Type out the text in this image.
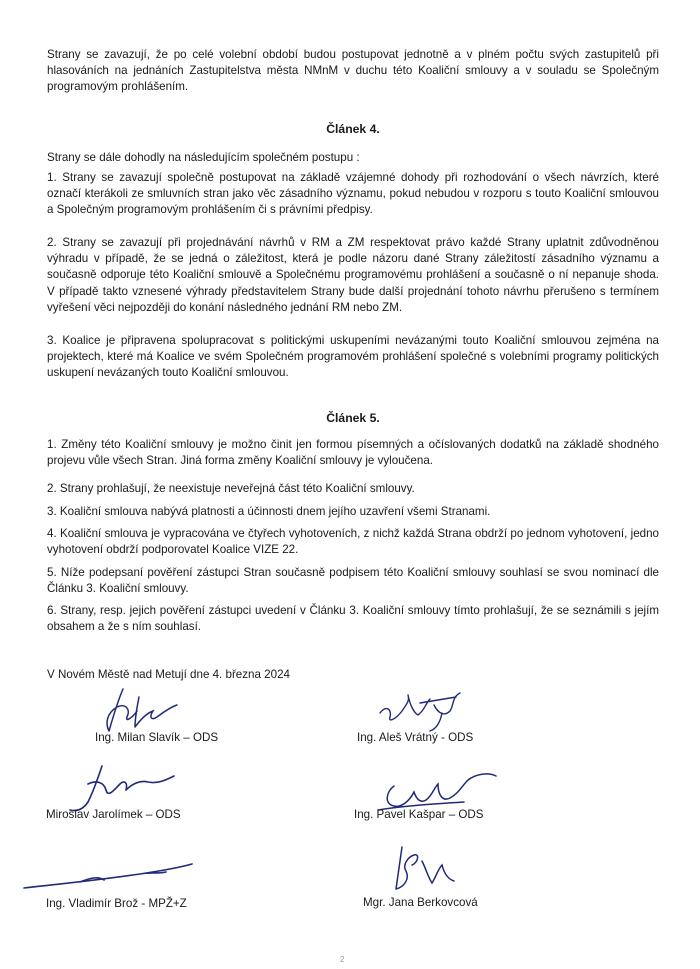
Strany se zavazují, že po celé volební období budou postupovat jednotně a v plném počtu svých zastupitelů při hlasováních na jednáních Zastupitelstva města NMnM v duchu této Koaliční smlouvy a v souladu se Společným programovým prohlášením.

Článek 4.

Strany se dále dohodly na následujícím společném postupu :

1. Strany se zavazují společně postupovat na základě vzájemné dohody při rozhodování o všech návrzích, které označí kterákoli ze smluvních stran jako věc zásadního významu, pokud nebudou v rozporu s touto Koaliční smlouvou a Společným programovým prohlášením či s právními předpisy.

2. Strany se zavazují při projednávání návrhů v RM a ZM respektovat právo každé Strany uplatnit zdůvodněnou výhradu v případě, že se jedná o záležitost, která je podle názoru dané Strany záležitostí zásadního významu a současně odporuje této Koaliční smlouvě a Společnému programovému prohlášení a současně o ní nepanuje shoda. V případě takto vznesené výhrady představitelem Strany bude další projednání tohoto návrhu přerušeno s termínem vyřešení věci nejpozději do konání následného jednání RM nebo ZM.

3. Koalice je připravena spolupracovat s politickými uskupeními nevázanými touto Koaliční smlouvou zejména na projektech, které má Koalice ve svém Společném programovém prohlášení společné s volebními programy politických uskupení nevázaných touto Koaliční smlouvou.

Článek 5.

1. Změny této Koaliční smlouvy je možno činit jen formou písemných a očíslovaných dodatků na základě shodného projevu vůle všech Stran. Jiná forma změny Koaliční smlouvy je vyloučena.

2. Strany prohlašují, že neexistuje neveřejná část této Koaliční smlouvy.

3. Koaliční smlouva nabývá platnosti a účinnosti dnem jejího uzavření všemi Stranami.

4. Koaliční smlouva je vypracována ve čtyřech vyhotoveních, z nichž každá Strana obdrží po jednom vyhotovení, jedno vyhotovení obdrží podporovatel Koalice VIZE 22.

5. Níže podepsaní pověření zástupci Stran současně podpisem této Koaliční smlouvy souhlasí se svou nominací dle Článku 3. Koaliční smlouvy.

6. Strany, resp. jejich pověření zástupci uvedení v Článku 3. Koaliční smlouvy tímto prohlašují, že se seznámili s jejím obsahem a že s ním souhlasí.

V Novém Městě nad Metují dne 4. března 2024
Ing. Milan Slavík – ODS	Ing. Aleš Vrátný - ODS
Miroslav Jarolímek – ODS	Ing. Pavel Kašpar – ODS
Ing. Vladimír Brož - MPŽ+Z	Mgr. Jana Berkovcová
2
